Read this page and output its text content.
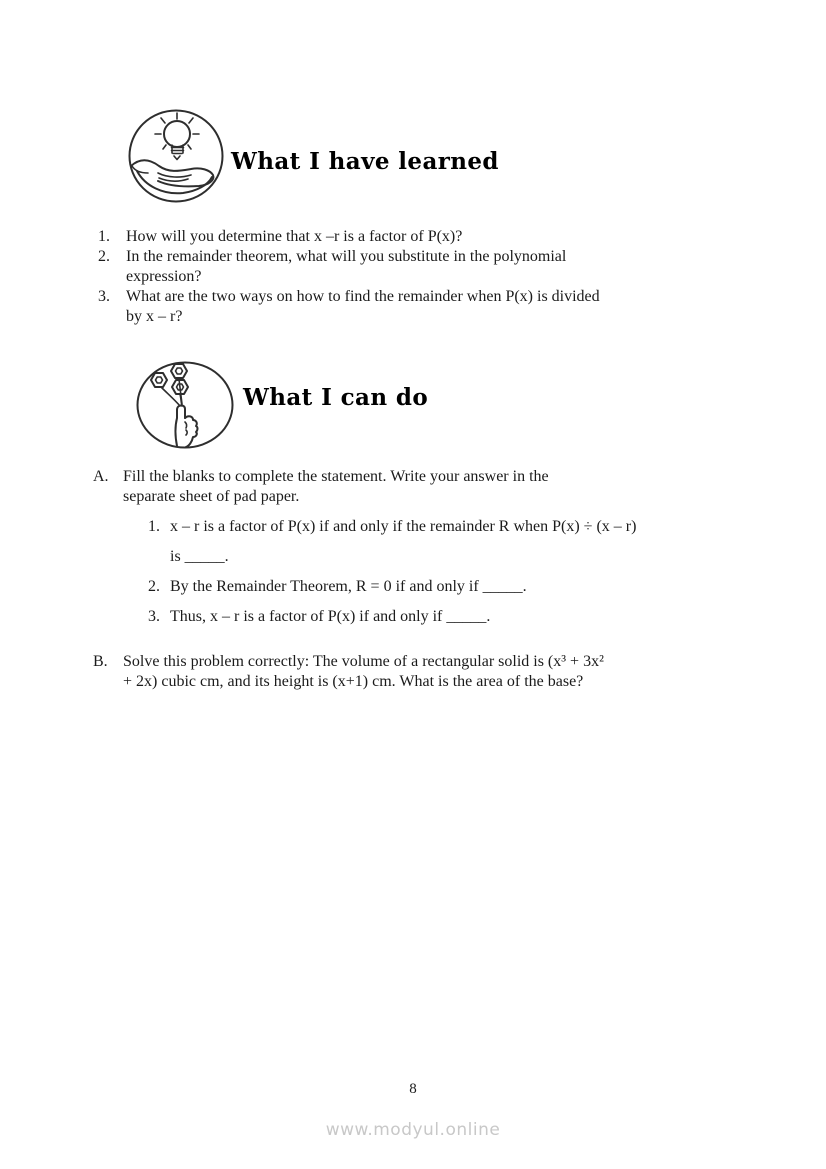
What I have learned
1.	How will you determine that x –r is a factor of P(x)?
2.	In the remainder theorem, what will you substitute in the polynomial
expression?
3.	What are the two ways on how to find the remainder when P(x) is divided
by x – r?
What I can do
A. Fill the blanks to complete the statement. Write your answer in the
separate sheet of pad paper.
1. x – r is a factor of P(x) if and only if the remainder R when P(x) ÷ (x – r)
is _____.
2. By the Remainder Theorem, R = 0 if and only if _____.
3. Thus, x – r is a factor of P(x) if and only if _____.
B. Solve this problem correctly: The volume of a rectangular solid is (x³ + 3x²
+ 2x) cubic cm, and its height is (x+1) cm. What is the area of the base?
8
www.modyul.online
